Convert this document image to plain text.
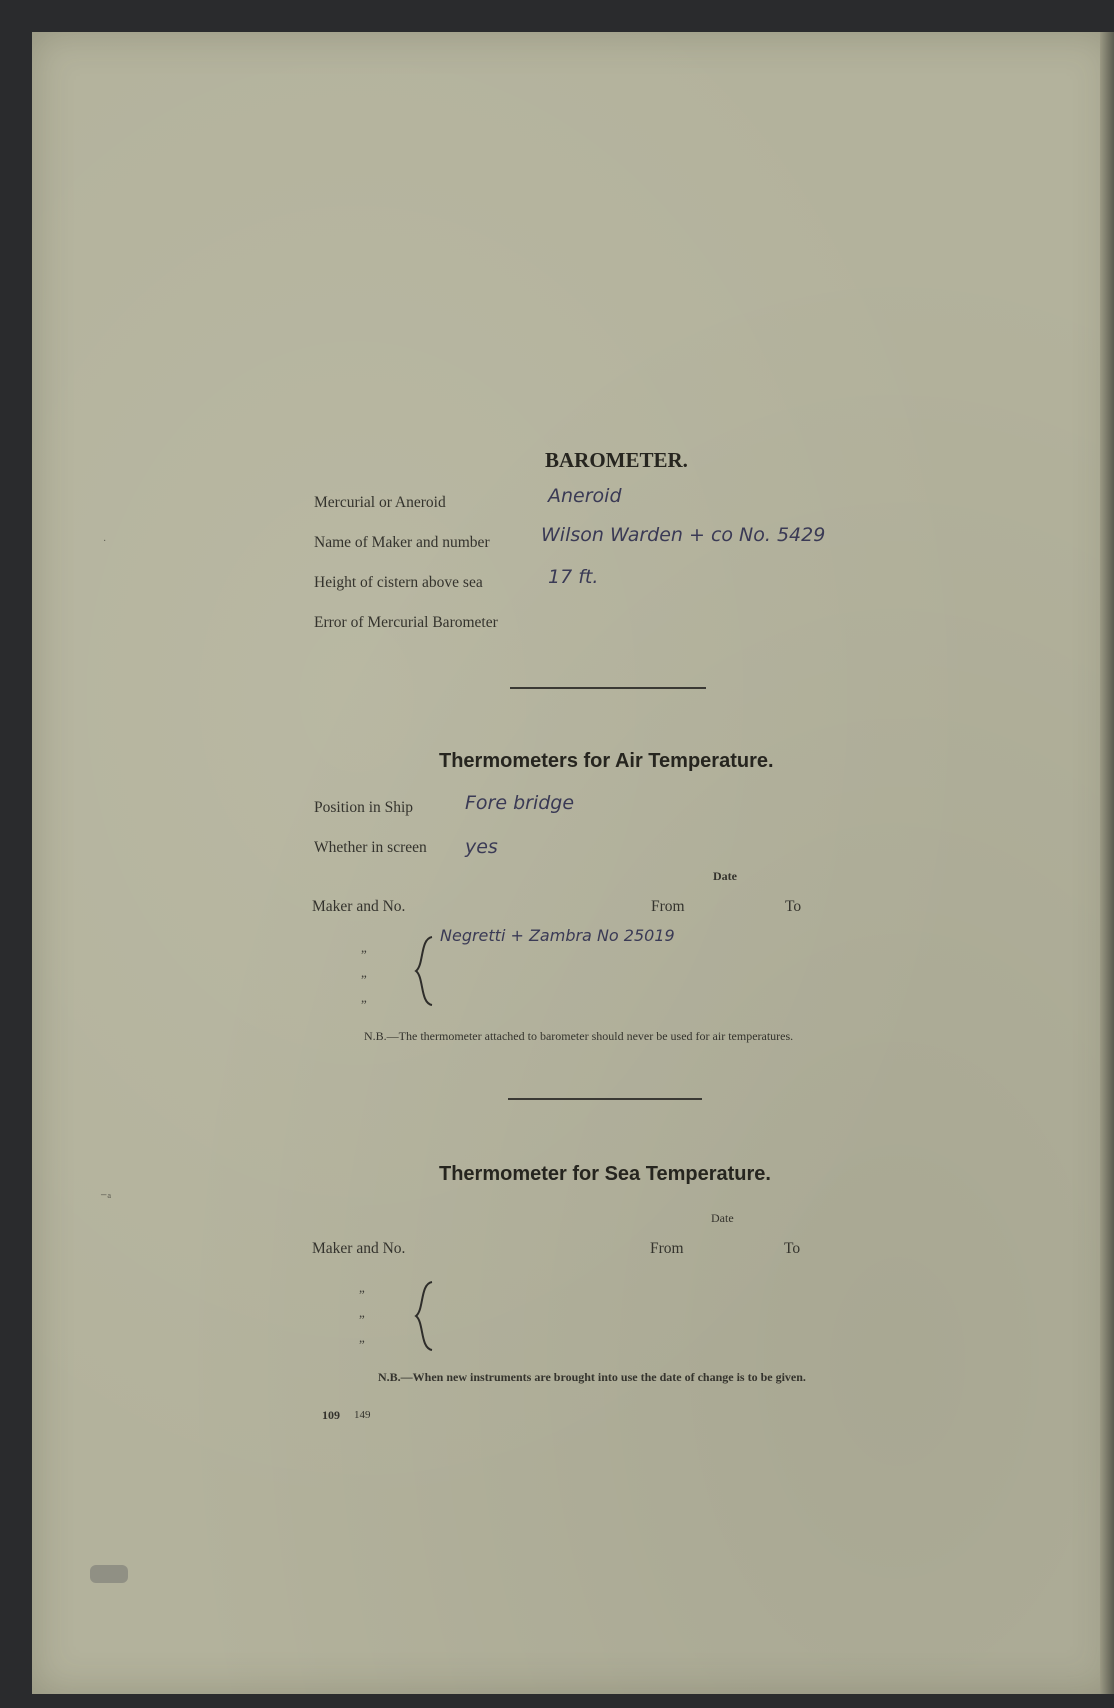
BAROMETER.
Mercurial or Aneroid	Aneroid
Name of Maker and number	Wilson Warden + co No. 5429
Height of cistern above sea	17 ft.
Error of Mercurial Barometer
Thermometers for Air Temperature.
Position in Ship	Fore bridge
Whether in screen yes
Date
Maker and No.	From	To
Negretti + Zambra No 25019
”
”
”
N.B.—The thermometer attached to barometer should never be used for air temperatures.
Thermometer for Sea Temperature.
Date
Maker and No.	From	To
”
”
”
N.B.—When new instruments are brought into use the date of change is to be given.
109 149
·
⁻ᵃ
